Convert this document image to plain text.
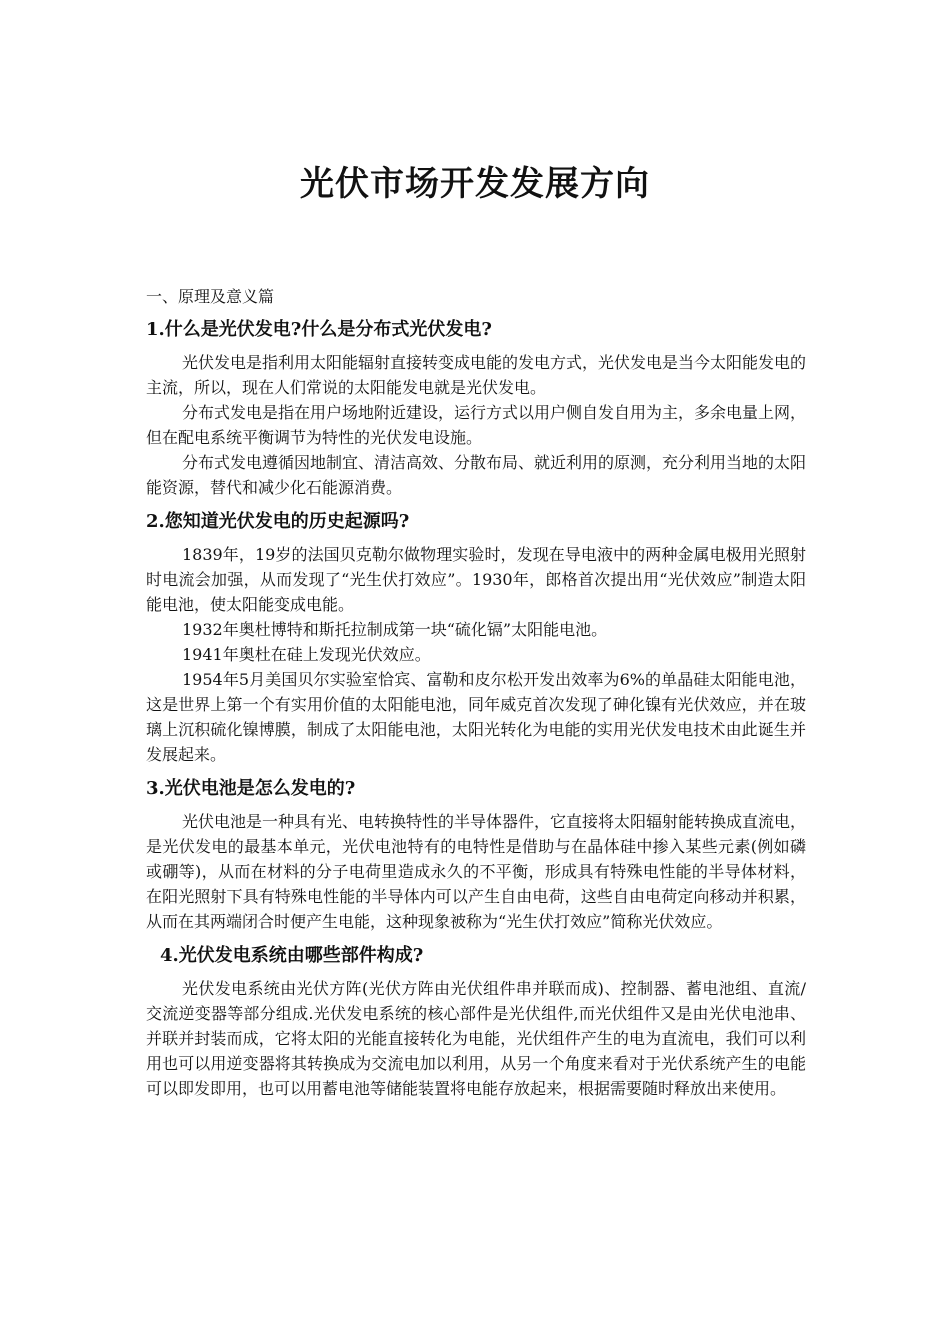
光伏市场开发发展方向

一、原理及意义篇

1.什么是光伏发电?什么是分布式光伏发电?

光伏发电是指利用太阳能辐射直接转变成电能的发电方式，光伏发电是当今太阳能发电的主流，所以，现在人们常说的太阳能发电就是光伏发电。

分布式发电是指在用户场地附近建设，运行方式以用户侧自发自用为主，多余电量上网，但在配电系统平衡调节为特性的光伏发电设施。

分布式发电遵循因地制宜、清洁高效、分散布局、就近利用的原测，充分利用当地的太阳能资源，替代和减少化石能源消费。

2.您知道光伏发电的历史起源吗?

1839年，19岁的法国贝克勒尔做物理实验时，发现在导电液中的两种金属电极用光照射时电流会加强，从而发现了“光生伏打效应”。1930年，郎格首次提出用“光伏效应”制造太阳能电池，使太阳能变成电能。

1932年奥杜博特和斯托拉制成第一块“硫化镉”太阳能电池。

1941年奥杜在硅上发现光伏效应。

1954年5月美国贝尔实验室恰宾、富勒和皮尔松开发出效率为6%的单晶硅太阳能电池，这是世界上第一个有实用价值的太阳能电池，同年威克首次发现了砷化镍有光伏效应，并在玻璃上沉积硫化镍博膜，制成了太阳能电池，太阳光转化为电能的实用光伏发电技术由此诞生并发展起来。

3.光伏电池是怎么发电的?

光伏电池是一种具有光、电转换特性的半导体器件，它直接将太阳辐射能转换成直流电，是光伏发电的最基本单元，光伏电池特有的电特性是借助与在晶体硅中掺入某些元素(例如磷或硼等)，从而在材料的分子电荷里造成永久的不平衡，形成具有特殊电性能的半导体材料，在阳光照射下具有特殊电性能的半导体内可以产生自由电荷，这些自由电荷定向移动并积累，从而在其两端闭合时便产生电能，这种现象被称为“光生伏打效应”简称光伏效应。

4.光伏发电系统由哪些部件构成?

光伏发电系统由光伏方阵(光伏方阵由光伏组件串并联而成)、控制器、蓄电池组、直流/交流逆变器等部分组成.光伏发电系统的核心部件是光伏组件,而光伏组件又是由光伏电池串、并联并封装而成，它将太阳的光能直接转化为电能，光伏组件产生的电为直流电，我们可以利用也可以用逆变器将其转换成为交流电加以利用，从另一个角度来看对于光伏系统产生的电能可以即发即用，也可以用蓄电池等储能装置将电能存放起来，根据需要随时释放出来使用。
